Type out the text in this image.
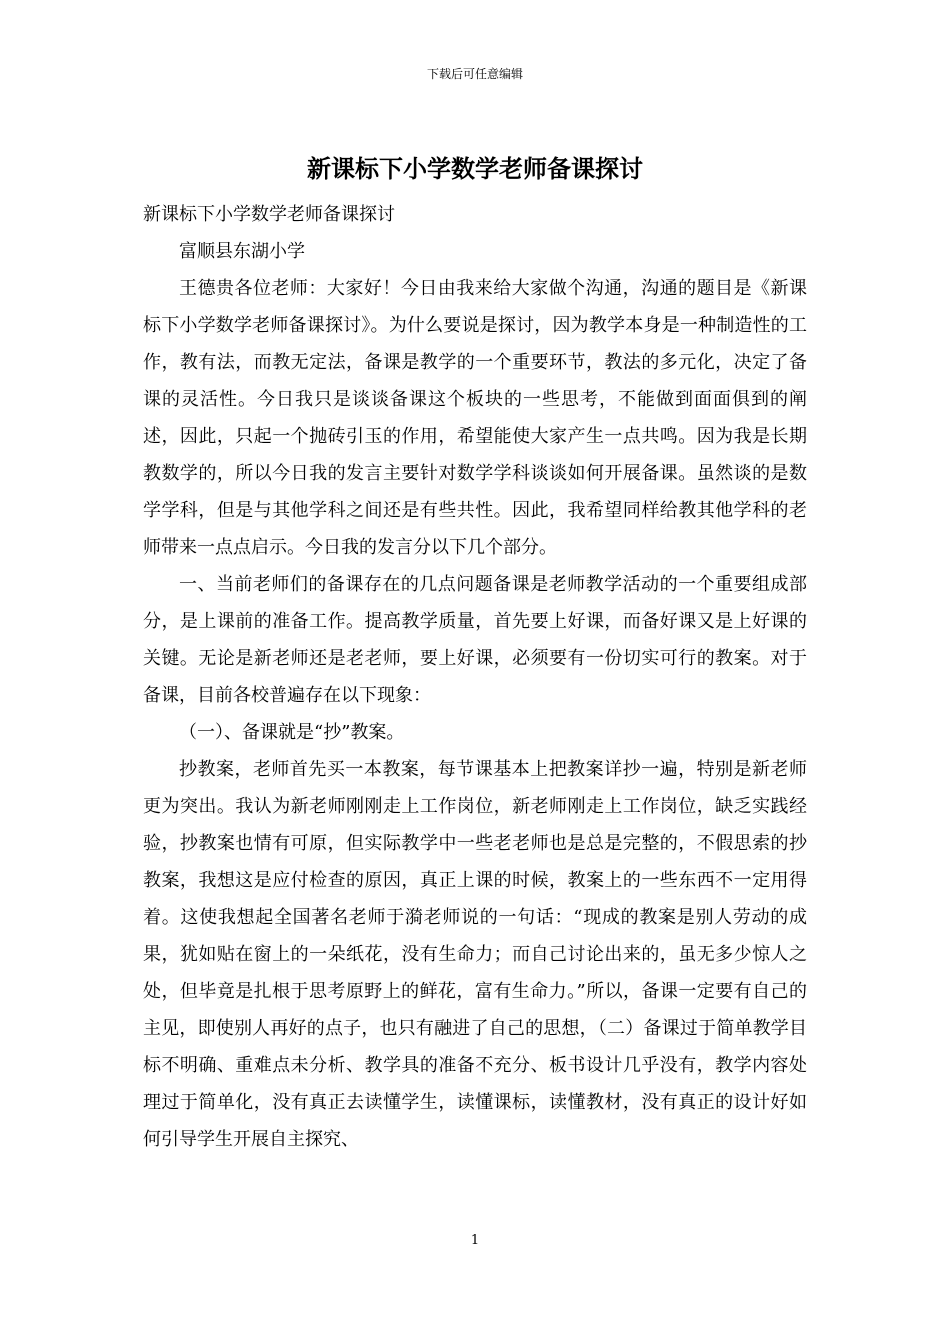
下载后可任意编辑
新课标下小学数学老师备课探讨

新课标下小学数学老师备课探讨

富顺县东湖小学

王德贵各位老师：大家好！今日由我来给大家做个沟通，沟通的题目是《新课标下小学数学老师备课探讨》。为什么要说是探讨，因为教学本身是一种制造性的工作，教有法，而教无定法，备课是教学的一个重要环节，教法的多元化，决定了备课的灵活性。今日我只是谈谈备课这个板块的一些思考，不能做到面面俱到的阐述，因此，只起一个抛砖引玉的作用，希望能使大家产生一点共鸣。因为我是长期教数学的，所以今日我的发言主要针对数学学科谈谈如何开展备课。虽然谈的是数学学科，但是与其他学科之间还是有些共性。因此，我希望同样给教其他学科的老师带来一点点启示。今日我的发言分以下几个部分。

一、当前老师们的备课存在的几点问题备课是老师教学活动的一个重要组成部分，是上课前的准备工作。提高教学质量，首先要上好课，而备好课又是上好课的关键。无论是新老师还是老老师，要上好课，必须要有一份切实可行的教案。对于备课，目前各校普遍存在以下现象：

（一）、备课就是“抄”教案。

抄教案，老师首先买一本教案，每节课基本上把教案详抄一遍，特别是新老师更为突出。我认为新老师刚刚走上工作岗位，新老师刚走上工作岗位，缺乏实践经验，抄教案也情有可原，但实际教学中一些老老师也是总是完整的，不假思索的抄教案，我想这是应付检查的原因，真正上课的时候，教案上的一些东西不一定用得着。这使我想起全国著名老师于漪老师说的一句话：“现成的教案是别人劳动的成果，犹如贴在窗上的一朵纸花，没有生命力；而自己讨论出来的，虽无多少惊人之处，但毕竟是扎根于思考原野上的鲜花，富有生命力。”所以，备课一定要有自己的主见，即使别人再好的点子，也只有融进了自己的思想，（二）备课过于简单教学目标不明确、重难点未分析、教学具的准备不充分、板书设计几乎没有，教学内容处理过于简单化，没有真正去读懂学生，读懂课标，读懂教材，没有真正的设计好如何引导学生开展自主探究、

1
